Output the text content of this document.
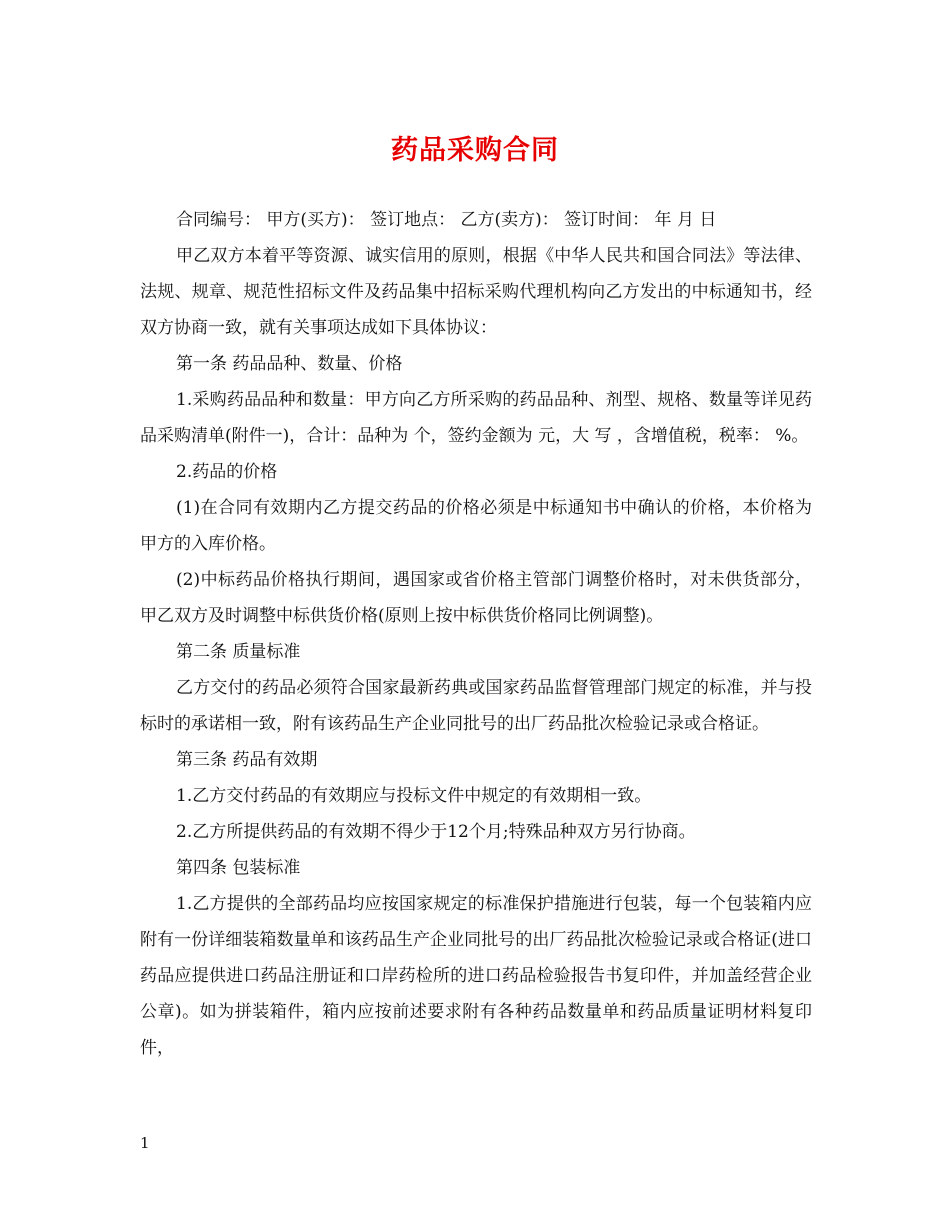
药品采购合同

合同编号： 甲方(买方)： 签订地点： 乙方(卖方)： 签订时间： 年 月 日

甲乙双方本着平等资源、诚实信用的原则，根据《中华人民共和国合同法》等法律、法规、规章、规范性招标文件及药品集中招标采购代理机构向乙方发出的中标通知书，经双方协商一致，就有关事项达成如下具体协议：

第一条 药品品种、数量、价格

1.采购药品品种和数量：甲方向乙方所采购的药品品种、剂型、规格、数量等详见药品采购清单(附件一)，合计：品种为 个，签约金额为 元，大 写 ，含增值税，税率： %。

2.药品的价格

(1)在合同有效期内乙方提交药品的价格必须是中标通知书中确认的价格，本价格为甲方的入库价格。

(2)中标药品价格执行期间，遇国家或省价格主管部门调整价格时，对未供货部分，甲乙双方及时调整中标供货价格(原则上按中标供货价格同比例调整)。

第二条 质量标准

乙方交付的药品必须符合国家最新药典或国家药品监督管理部门规定的标准，并与投标时的承诺相一致，附有该药品生产企业同批号的出厂药品批次检验记录或合格证。

第三条 药品有效期

1.乙方交付药品的有效期应与投标文件中规定的有效期相一致。

2.乙方所提供药品的有效期不得少于12个月;特殊品种双方另行协商。

第四条 包装标准

1.乙方提供的全部药品均应按国家规定的标准保护措施进行包装，每一个包装箱内应附有一份详细装箱数量单和该药品生产企业同批号的出厂药品批次检验记录或合格证(进口药品应提供进口药品注册证和口岸药检所的进口药品检验报告书复印件，并加盖经营企业公章)。如为拼装箱件，箱内应按前述要求附有各种药品数量单和药品质量证明材料复印件，

1
